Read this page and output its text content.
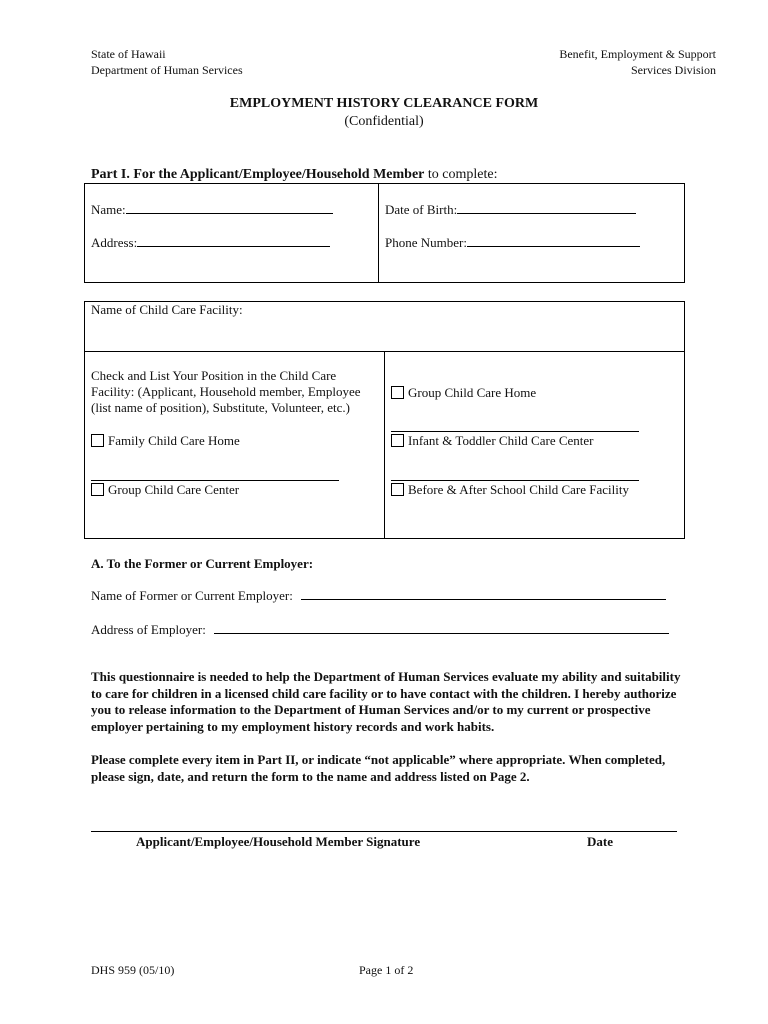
State of Hawaii
Department of Human Services
Benefit, Employment & Support
Services Division
EMPLOYMENT HISTORY CLEARANCE FORM
(Confidential)
Part I. For the Applicant/Employee/Household Member to complete:
Name:	Date of Birth:
Address:	Phone Number:
Name of Child Care Facility:
Check and List Your Position in the Child Care Facility: (Applicant, Household member, Employee (list name of position), Substitute, Volunteer, etc.)
Family Child Care Home
Group Child Care Center
Group Child Care Home
Infant & Toddler Child Care Center
Before & After School Child Care Facility
A. To the Former or Current Employer:
Name of Former or Current Employer:
Address of Employer:
This questionnaire is needed to help the Department of Human Services evaluate my ability and suitability to care for children in a licensed child care facility or to have contact with the children. I hereby authorize you to release information to the Department of Human Services and/or to my current or prospective employer pertaining to my employment history records and work habits.
Please complete every item in Part II, or indicate “not applicable” where appropriate. When completed, please sign, date, and return the form to the name and address listed on Page 2.
Applicant/Employee/Household Member Signature	Date
DHS 959 (05/10)	Page 1 of 2
